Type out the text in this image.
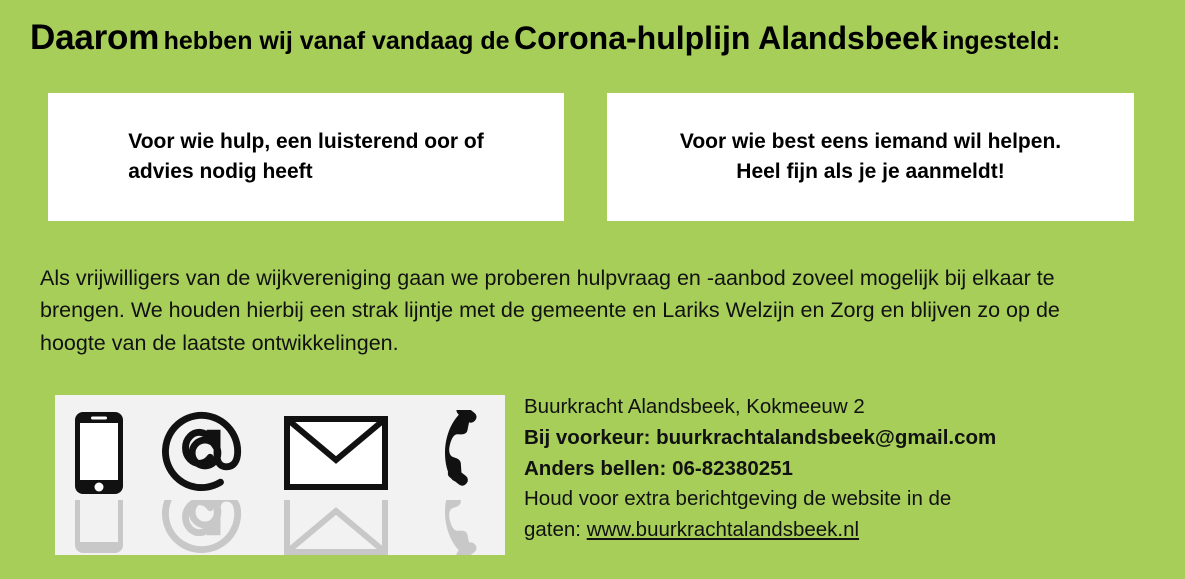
Daarom hebben wij vanaf vandaag de Corona-hulplijn Alandsbeek ingesteld:
Voor wie hulp, een luisterend oor of
advies nodig heeft
Voor wie best eens iemand wil helpen.
Heel fijn als je je aanmeldt!
Als vrijwilligers van de wijkvereniging gaan we proberen hulpvraag en -aanbod zoveel mogelijk bij elkaar te brengen. We houden hierbij een strak lijntje met de gemeente en Lariks Welzijn en Zorg en blijven zo op de hoogte van de laatste ontwikkelingen.
Buurkracht Alandsbeek, Kokmeeuw 2
Bij voorkeur: buurkrachtalandsbeek@gmail.com
Anders bellen: 06-82380251
Houd voor extra berichtgeving de website in de
gaten: www.buurkrachtalandsbeek.nl
